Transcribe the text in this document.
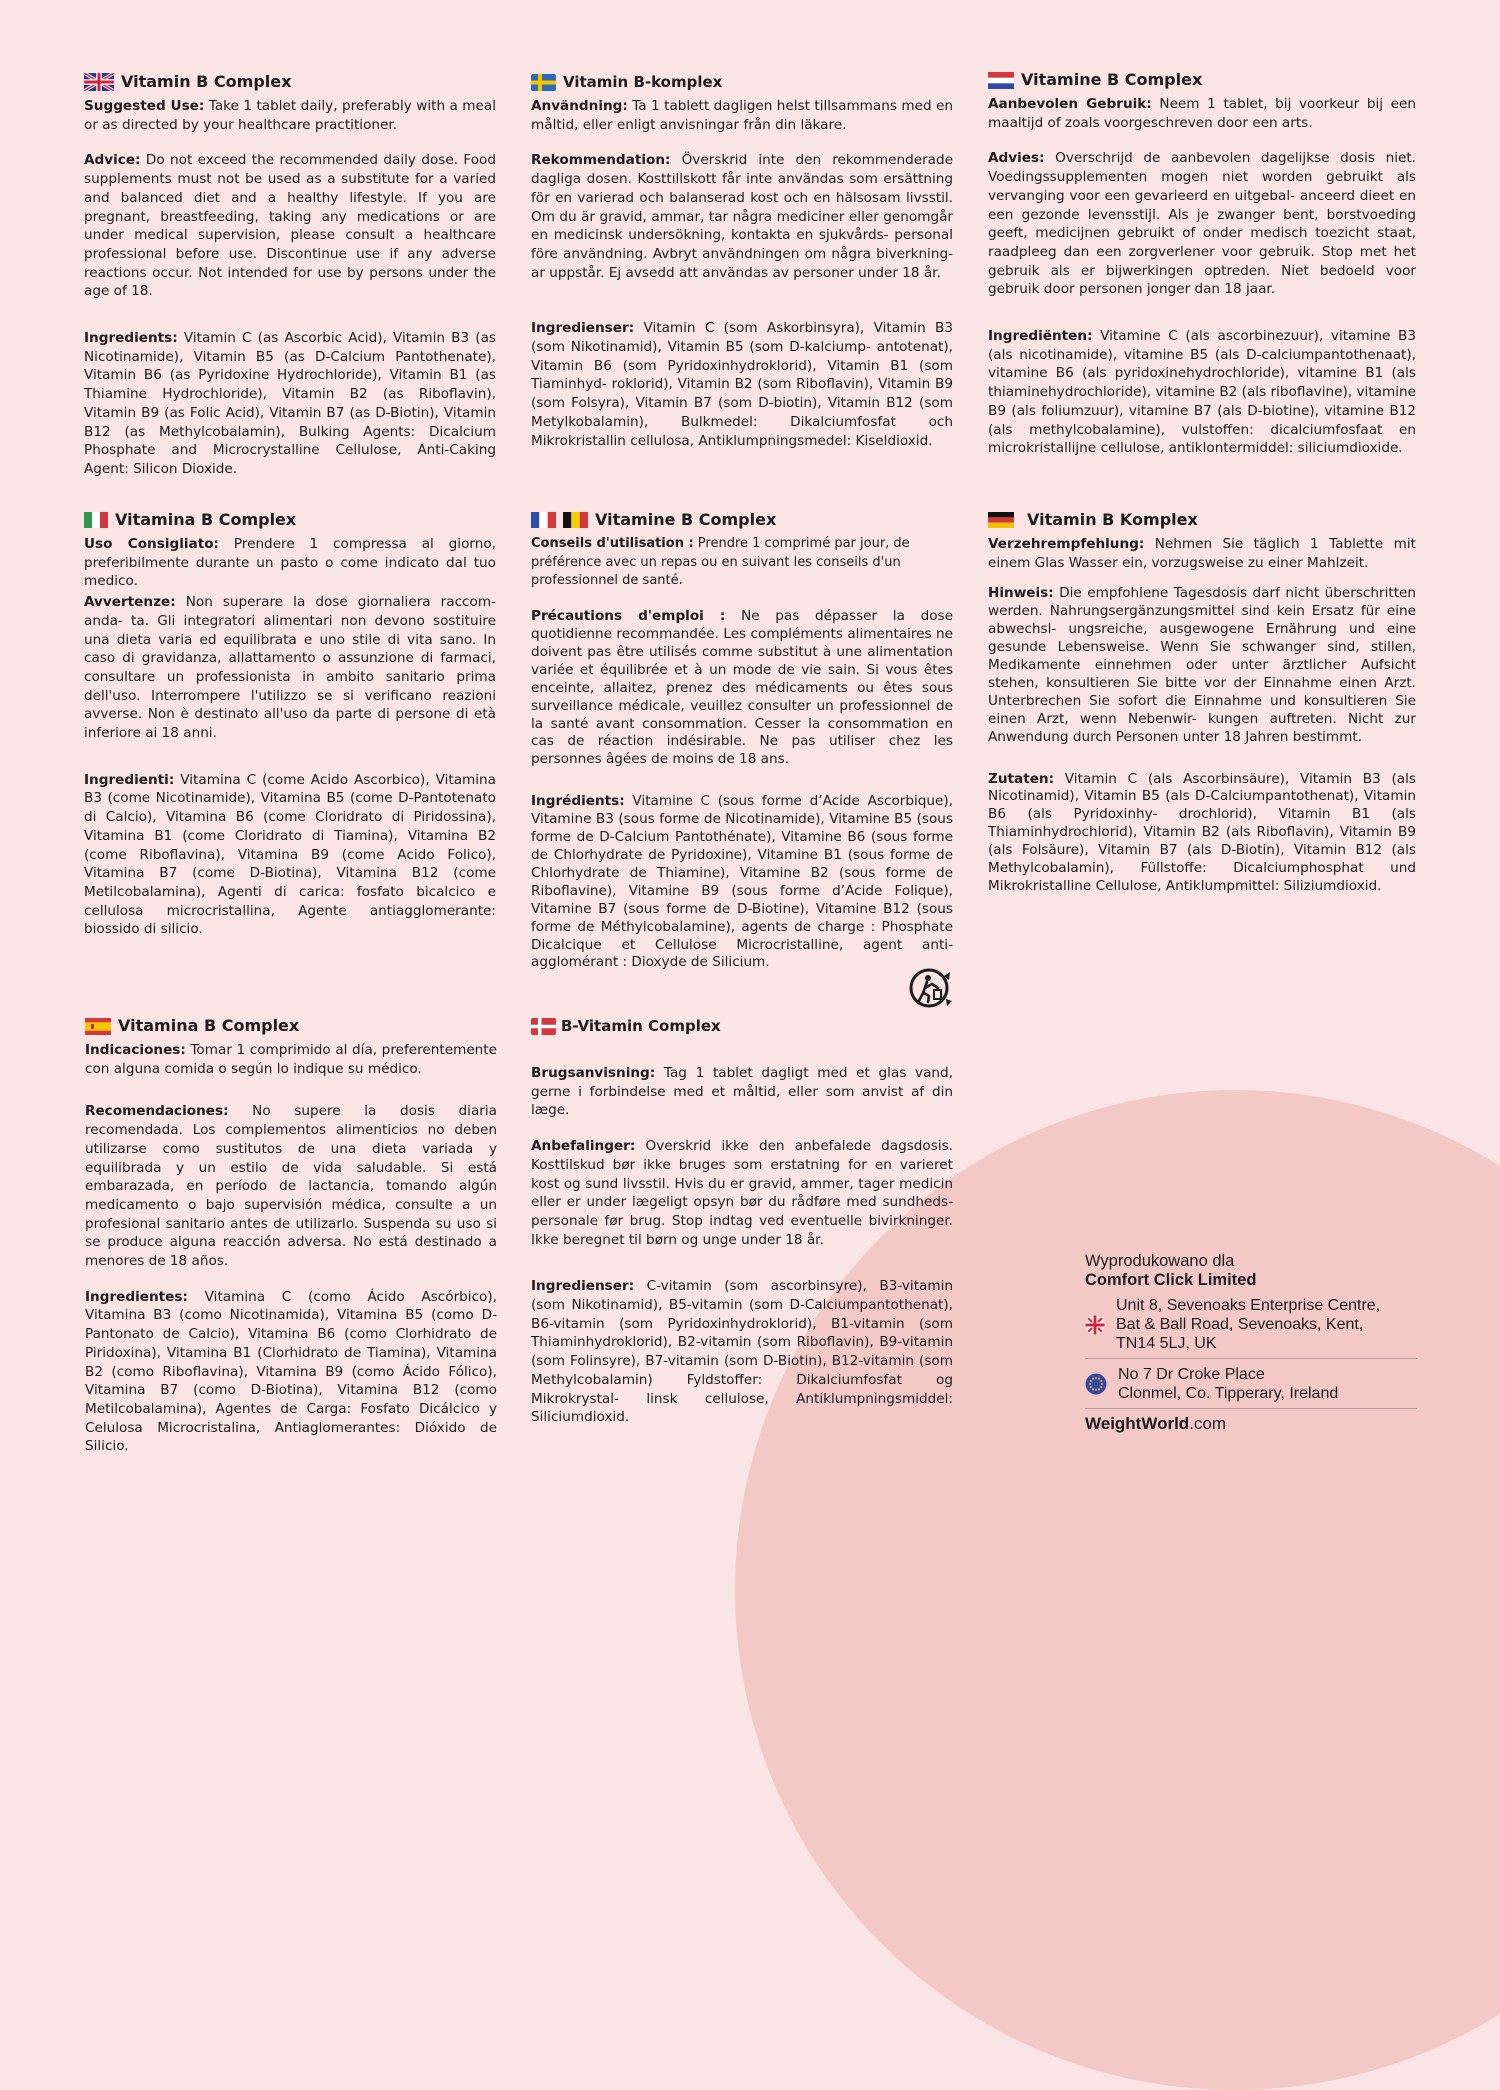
Vitamin B Complex

Suggested Use: Take 1 tablet daily, preferably with a meal or as directed by your healthcare practitioner.

Advice: Do not exceed the recommended daily dose. Food supplements must not be used as a substitute for a varied and balanced diet and a healthy lifestyle. If you are pregnant, breastfeeding, taking any medications or are under medical supervision, please consult a healthcare professional before use. Discontinue use if any adverse reactions occur. Not intended for use by persons under the age of 18.

Ingredients: Vitamin C (as Ascorbic Acid), Vitamin B3 (as Nicotinamide), Vitamin B5 (as D-Calcium Pantothenate), Vitamin B6 (as Pyridoxine Hydrochloride), Vitamin B1 (as Thiamine Hydrochloride), Vitamin B2 (as Riboflavin), Vitamin B9 (as Folic Acid), Vitamin B7 (as D-Biotin), Vitamin B12 (as Methylcobalamin), Bulking Agents: Dicalcium Phosphate and Microcrystalline Cellulose, Anti-Caking Agent: Silicon Dioxide.

Vitamin B-komplex

Användning: Ta 1 tablett dagligen helst tillsammans med en måltid, eller enligt anvisningar från din läkare.

Rekommendation: Överskrid inte den rekommenderade dagliga dosen. Kosttillskott får inte användas som ersättning för en varierad och balanserad kost och en hälsosam livsstil. Om du är gravid, ammar, tar några mediciner eller genomgår en medicinsk undersökning, kontakta en sjukvårds- personal före användning. Avbryt användningen om några biverkning- ar uppstår. Ej avsedd att användas av personer under 18 år.

Ingredienser: Vitamin C (som Askorbinsyra), Vitamin B3 (som Nikotinamid), Vitamin B5 (som D-kalciump- antotenat), Vitamin B6 (som Pyridoxinhydroklorid), Vitamin B1 (som Tiaminhyd- roklorid), Vitamin B2 (som Riboflavin), Vitamin B9 (som Folsyra), Vitamin B7 (som D-biotin), Vitamin B12 (som Metylkobalamin), Bulkmedel: Dikalciumfosfat och Mikrokristallin cellulosa, Antiklumpningsmedel: Kiseldioxid.

Vitamine B Complex

Aanbevolen Gebruik: Neem 1 tablet, bij voorkeur bij een maaltijd of zoals voorgeschreven door een arts.

Advies: Overschrijd de aanbevolen dagelijkse dosis niet. Voedingssupplementen mogen niet worden gebruikt als vervanging voor een gevarieerd en uitgebal- anceerd dieet en een gezonde levensstijl. Als je zwanger bent, borstvoeding geeft, medicijnen gebruikt of onder medisch toezicht staat, raadpleeg dan een zorgverlener voor gebruik. Stop met het gebruik als er bijwerkingen optreden. Niet bedoeld voor gebruik door personen jonger dan 18 jaar.

Ingrediënten: Vitamine C (als ascorbinezuur), vitamine B3 (als nicotinamide), vitamine B5 (als D-calciumpantothenaat), vitamine B6 (als pyridoxinehydrochloride), vitamine B1 (als thiaminehydrochloride), vitamine B2 (als riboflavine), vitamine B9 (als foliumzuur), vitamine B7 (als D-biotine), vitamine B12 (als methylcobalamine), vulstoffen: dicalciumfosfaat en microkristallijne cellulose, antiklontermiddel: siliciumdioxide.

Vitamina B Complex

Uso Consigliato: Prendere 1 compressa al giorno, preferibilmente durante un pasto o come indicato dal tuo medico.

Avvertenze: Non superare la dose giornaliera raccom-anda- ta. Gli integratori alimentari non devono sostituire una dieta varia ed equilibrata e uno stile di vita sano. In caso di gravidanza, allattamento o assunzione di farmaci, consultare un professionista in ambito sanitario prima dell'uso. Interrompere l'utilizzo se si verificano reazioni avverse. Non è destinato all'uso da parte di persone di età inferiore ai 18 anni.

Ingredienti: Vitamina C (come Acido Ascorbico), Vitamina B3 (come Nicotinamide), Vitamina B5 (come D-Pantotenato di Calcio), Vitamina B6 (come Cloridrato di Piridossina), Vitamina B1 (come Cloridrato di Tiamina), Vitamina B2 (come Riboflavina), Vitamina B9 (come Acido Folico), Vitamina B7 (come D-Biotina), Vitamina B12 (come Metilcobalamina), Agenti di carica: fosfato bicalcico e cellulosa microcristallina, Agente antiagglomerante: biossido di silicio.

Vitamine B Complex

Conseils d'utilisation : Prendre 1 comprimé par jour, de préférence avec un repas ou en suivant les conseils d'un professionnel de santé.

Précautions d'emploi : Ne pas dépasser la dose quotidienne recommandée. Les compléments alimentaires ne doivent pas être utilisés comme substitut à une alimentation variée et équilibrée et à un mode de vie sain. Si vous êtes enceinte, allaitez, prenez des médicaments ou êtes sous surveillance médicale, veuillez consulter un professionnel de la santé avant consommation. Cesser la consommation en cas de réaction indésirable. Ne pas utiliser chez les personnes âgées de moins de 18 ans.

Ingrédients: Vitamine C (sous forme d’Acide Ascorbique), Vitamine B3 (sous forme de Nicotinamide), Vitamine B5 (sous forme de D-Calcium Pantothénate), Vitamine B6 (sous forme de Chlorhydrate de Pyridoxine), Vitamine B1 (sous forme de Chlorhydrate de Thiamine), Vitamine B2 (sous forme de Riboflavine), Vitamine B9 (sous forme d’Acide Folique), Vitamine B7 (sous forme de D-Biotine), Vitamine B12 (sous forme de Méthylcobalamine), agents de charge : Phosphate Dicalcique et Cellulose Microcristalline, agent anti-agglomérant : Dioxyde de Silicium.

Vitamin B Komplex

Verzehrempfehlung: Nehmen Sie täglich 1 Tablette mit einem Glas Wasser ein, vorzugsweise zu einer Mahlzeit.

Hinweis: Die empfohlene Tagesdosis darf nicht überschritten werden. Nahrungsergänzungsmittel sind kein Ersatz für eine abwechsl- ungsreiche, ausgewogene Ernährung und eine gesunde Lebensweise. Wenn Sie schwanger sind, stillen, Medikamente einnehmen oder unter ärztlicher Aufsicht stehen, konsultieren Sie bitte vor der Einnahme einen Arzt. Unterbrechen Sie sofort die Einnahme und konsultieren Sie einen Arzt, wenn Nebenwir- kungen auftreten. Nicht zur Anwendung durch Personen unter 18 Jahren bestimmt.

Zutaten: Vitamin C (als Ascorbinsäure), Vitamin B3 (als Nicotinamid), Vitamin B5 (als D-Calciumpantothenat), Vitamin B6 (als Pyridoxinhy- drochlorid), Vitamin B1 (als Thiaminhydrochlorid), Vitamin B2 (als Riboflavin), Vitamin B9 (als Folsäure), Vitamin B7 (als D-Biotin), Vitamin B12 (als Methylcobalamin), Füllstoffe: Dicalciumphosphat und Mikrokristalline Cellulose, Antiklumpmittel: Siliziumdioxid.

Vitamina B Complex

Indicaciones: Tomar 1 comprimido al día, preferentemente con alguna comida o según lo indique su médico.

Recomendaciones: No supere la dosis diaria recomendada. Los complementos alimenticios no deben utilizarse como sustitutos de una dieta variada y equilibrada y un estilo de vida saludable. Si está embarazada, en período de lactancia, tomando algún medicamento o bajo supervisión médica, consulte a un profesional sanitario antes de utilizarlo. Suspenda su uso si se produce alguna reacción adversa. No está destinado a menores de 18 años.

Ingredientes: Vitamina C (como Ácido Ascórbico), Vitamina B3 (como Nicotinamida), Vitamina B5 (como D-Pantonato de Calcio), Vitamina B6 (como Clorhidrato de Piridoxina), Vitamina B1 (Clorhidrato de Tiamina), Vitamina B2 (como Riboflavina), Vitamina B9 (como Ácido Fólico), Vitamina B7 (como D-Biotina), Vitamina B12 (como Metilcobalamina), Agentes de Carga: Fosfato Dicálcico y Celulosa Microcristalina, Antiaglomerantes: Dióxido de Silicio.

B-Vitamin Complex

Brugsanvisning: Tag 1 tablet dagligt med et glas vand, gerne i forbindelse med et måltid, eller som anvist af din læge.

Anbefalinger: Overskrid ikke den anbefalede dagsdosis. Kosttilskud bør ikke bruges som erstatning for en varieret kost og sund livsstil. Hvis du er gravid, ammer, tager medicin eller er under lægeligt opsyn bør du rådføre med sundheds- personale før brug. Stop indtag ved eventuelle bivirkninger. Ikke beregnet til børn og unge under 18 år.

Ingredienser: C-vitamin (som ascorbinsyre), B3-vitamin (som Nikotinamid), B5-vitamin (som D-Calciumpantothenat), B6-vitamin (som Pyridoxinhydroklorid), B1-vitamin (som Thiaminhydroklorid), B2-vitamin (som Riboflavin), B9-vitamin (som Folinsyre), B7-vitamin (som D-Biotin), B12-vitamin (som Methylcobalamin) Fyldstoffer: Dikalciumfosfat og Mikrokrystal- linsk cellulose, Antiklumpningsmiddel: Siliciumdioxid.

Wyprodukowano dla
Comfort Click Limited
Unit 8, Sevenoaks Enterprise Centre,
Bat & Ball Road, Sevenoaks, Kent,
TN14 5LJ, UK
No 7 Dr Croke Place
Clonmel, Co. Tipperary, Ireland
WeightWorld.com
